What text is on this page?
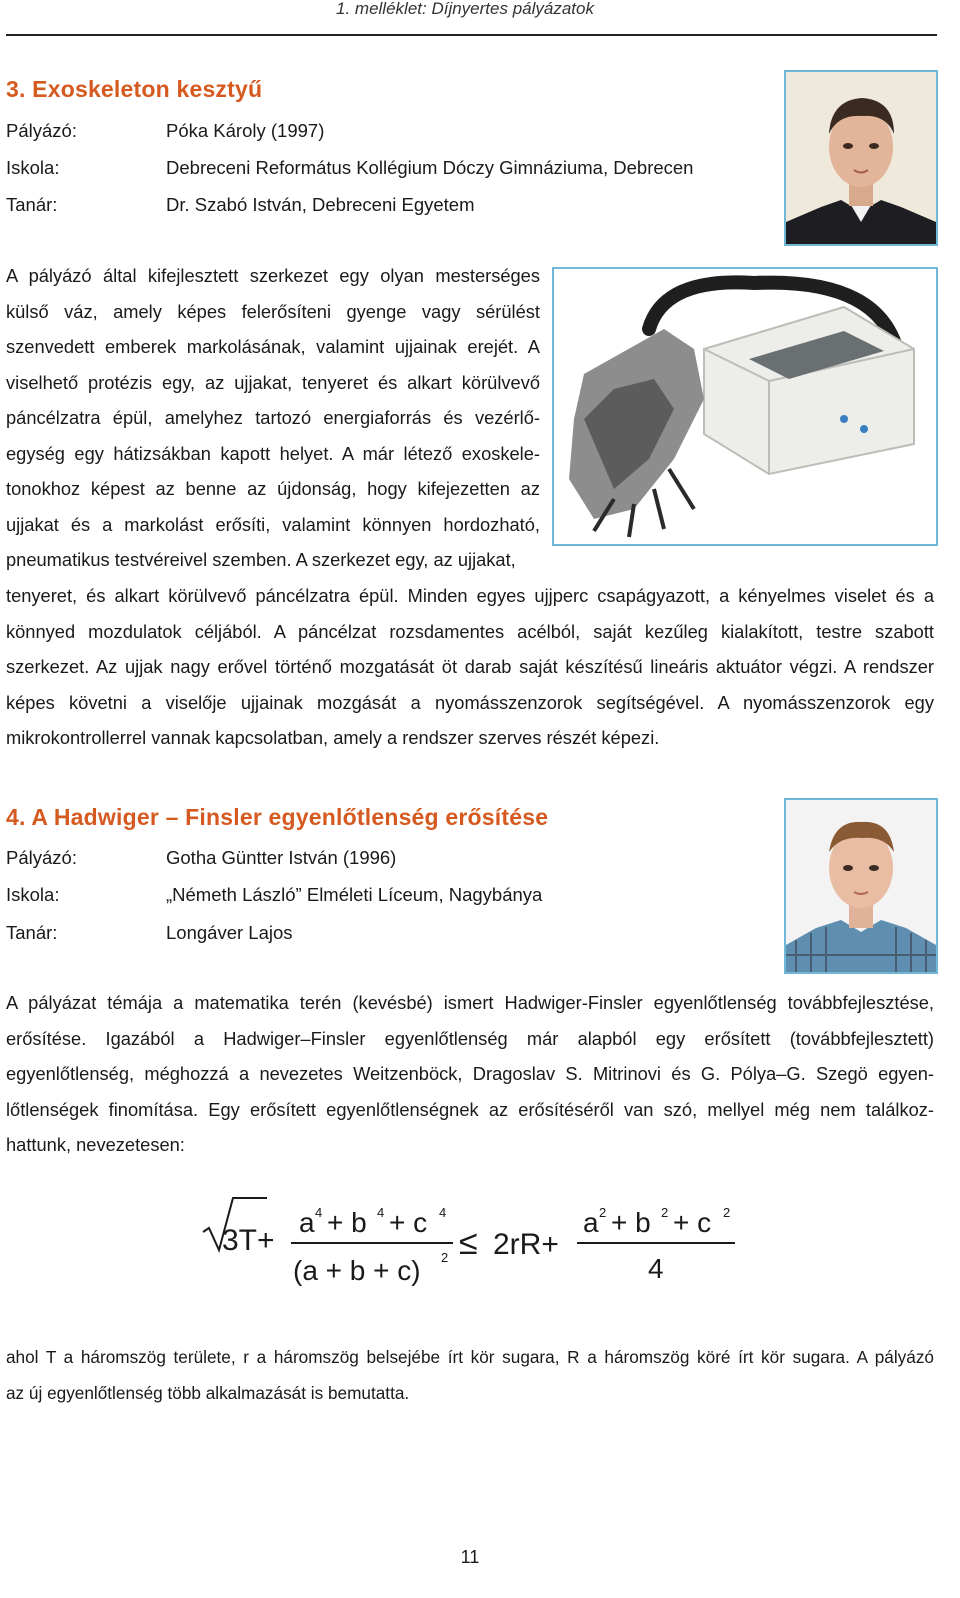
1. melléklet: Díjnyertes pályázatok
3. Exoskeleton kesztyű
Pályázó:	Póka Károly (1997)
Iskola:	Debreceni Református Kollégium Dóczy Gimnáziuma, Debrecen
Tanár:	Dr. Szabó István, Debreceni Egyetem
A pályázó által kifejlesztett szerkezet egy olyan mesterséges
külső váz, amely képes felerősíteni gyenge vagy sérülést
szenvedett emberek markolásának, valamint ujjainak erejét. A
viselhető protézis egy, az ujjakat, tenyeret és alkart körülvevő
páncélzatra épül, amelyhez tartozó energiaforrás és vezérlő-
egység egy hátizsákban kapott helyet. A már létező exoskele-
tonokhoz képest az benne az újdonság, hogy kifejezetten az
ujjakat és a markolást erősíti, valamint könnyen hordozható,
pneumatikus testvéreivel szemben. A szerkezet egy, az ujjakat,
tenyeret, és alkart körülvevő páncélzatra épül. Minden egyes ujjperc csapágyazott, a kényelmes viselet és a
könnyed mozdulatok céljából. A páncélzat rozsdamentes acélból, saját kezűleg kialakított, testre szabott
szerkezet. Az ujjak nagy erővel történő mozgatását öt darab saját készítésű lineáris aktuátor végzi. A rendszer
képes követni a viselője ujjainak mozgását a nyomásszenzorok segítségével. A nyomásszenzorok egy
mikrokontrollerrel vannak kapcsolatban, amely a rendszer szerves részét képezi.
4. A Hadwiger – Finsler egyenlőtlenség erősítése
Pályázó:	Gotha Güntter István (1996)
Iskola:	„Németh László” Elméleti Líceum, Nagybánya
Tanár:	Longáver Lajos
A pályázat témája a matematika terén (kevésbé) ismert Hadwiger-Finsler egyenlőtlenség továbbfejlesztése,
erősítése. Igazából a Hadwiger–Finsler egyenlőtlenség már alapból egy erősített (továbbfejlesztett)
egyenlőtlenség, méghozzá a nevezetes Weitzenböck, Dragoslav S. Mitrinovi és G. Pólya–G. Szegö egyen-
lőtlenségek finomítása. Egy erősített egyenlőtlenségnek az erősítéséről van szó, mellyel még nem találkoz-
hattunk, nevezetesen:
3T+
a 4 + b 4 + c 4
(a + b + c) 2 ≤ 2rR+
a 2 + b 2 + c 2
4
ahol T a háromszög területe, r a háromszög belsejébe írt kör sugara, R a háromszög köré írt kör sugara. A pályázó
az új egyenlőtlenség több alkalmazását is bemutatta.
11
